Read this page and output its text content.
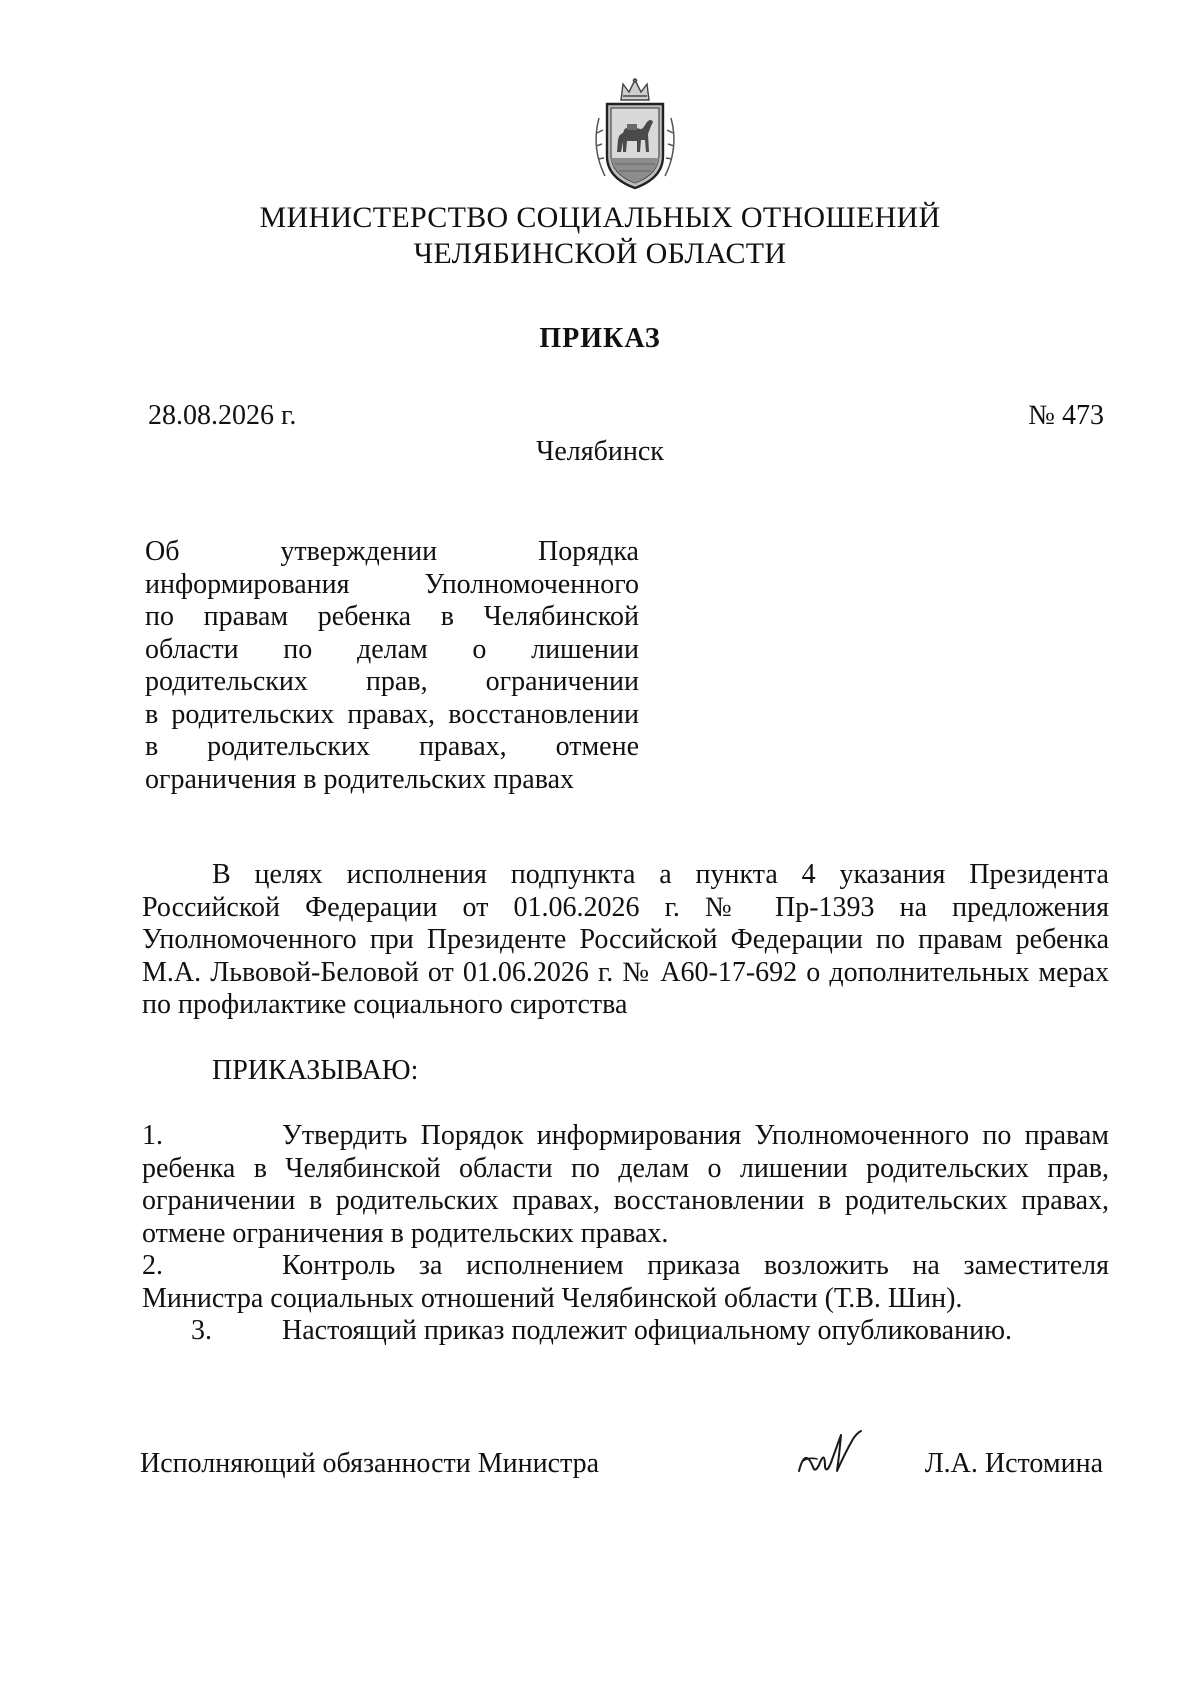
МИНИСТЕРСТВО СОЦИАЛЬНЫХ ОТНОШЕНИЙ
ЧЕЛЯБИНСКОЙ ОБЛАСТИ
ПРИКАЗ
28.08.2026 г.	№ 473
Челябинск
Об утверждении Порядка
информирования Уполномоченного
по правам ребенка в Челябинской
области по делам о лишении
родительских прав, ограничении
в родительских правах, восстановлении
в родительских правах, отмене
ограничения в родительских правах
В целях исполнения подпункта а пункта 4 указания Президента
Российской Федерации от 01.06.2026 г. № Пр-1393 на предложения
Уполномоченного при Президенте Российской Федерации по правам ребенка
М.А. Львовой-Беловой от 01.06.2026 г. № А60-17-692 о дополнительных мерах
по профилактике социального сиротства
ПРИКАЗЫВАЮ:
1.	Утвердить Порядок информирования Уполномоченного по правам
ребенка в Челябинской области по делам о лишении родительских прав,
ограничении в родительских правах, восстановлении в родительских правах,
отмене ограничения в родительских правах.
2.	Контроль за исполнением приказа возложить на заместителя
Министра социальных отношений Челябинской области (Т.В. Шин).
3.	Настоящий приказ подлежит официальному опубликованию.
Исполняющий обязанности Министра	Л.А. Истомина
